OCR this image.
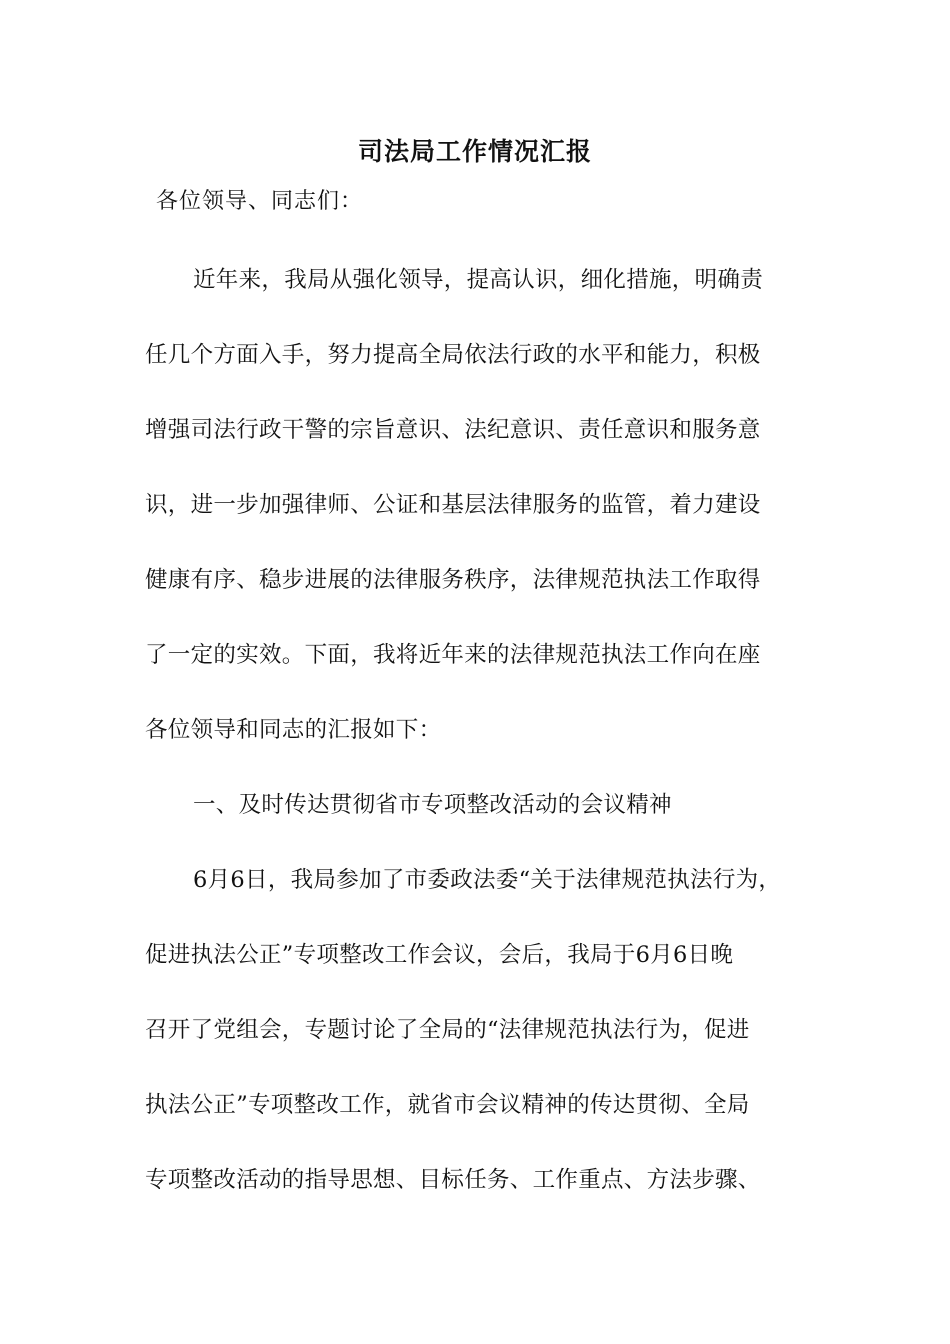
司法局工作情况汇报
各位领导、同志们：
近年来，我局从强化领导，提高认识，细化措施，明确责
任几个方面入手，努力提高全局依法行政的水平和能力，积极
增强司法行政干警的宗旨意识、法纪意识、责任意识和服务意
识，进一步加强律师、公证和基层法律服务的监管，着力建设
健康有序、稳步进展的法律服务秩序，法律规范执法工作取得
了一定的实效。下面，我将近年来的法律规范执法工作向在座
各位领导和同志的汇报如下：
一、及时传达贯彻省市专项整改活动的会议精神
6月6日，我局参加了市委政法委“关于法律规范执法行为，
促进执法公正”专项整改工作会议，会后，我局于6月6日晚
召开了党组会，专题讨论了全局的“法律规范执法行为，促进
执法公正”专项整改工作，就省市会议精神的传达贯彻、全局
专项整改活动的指导思想、目标任务、工作重点、方法步骤、
